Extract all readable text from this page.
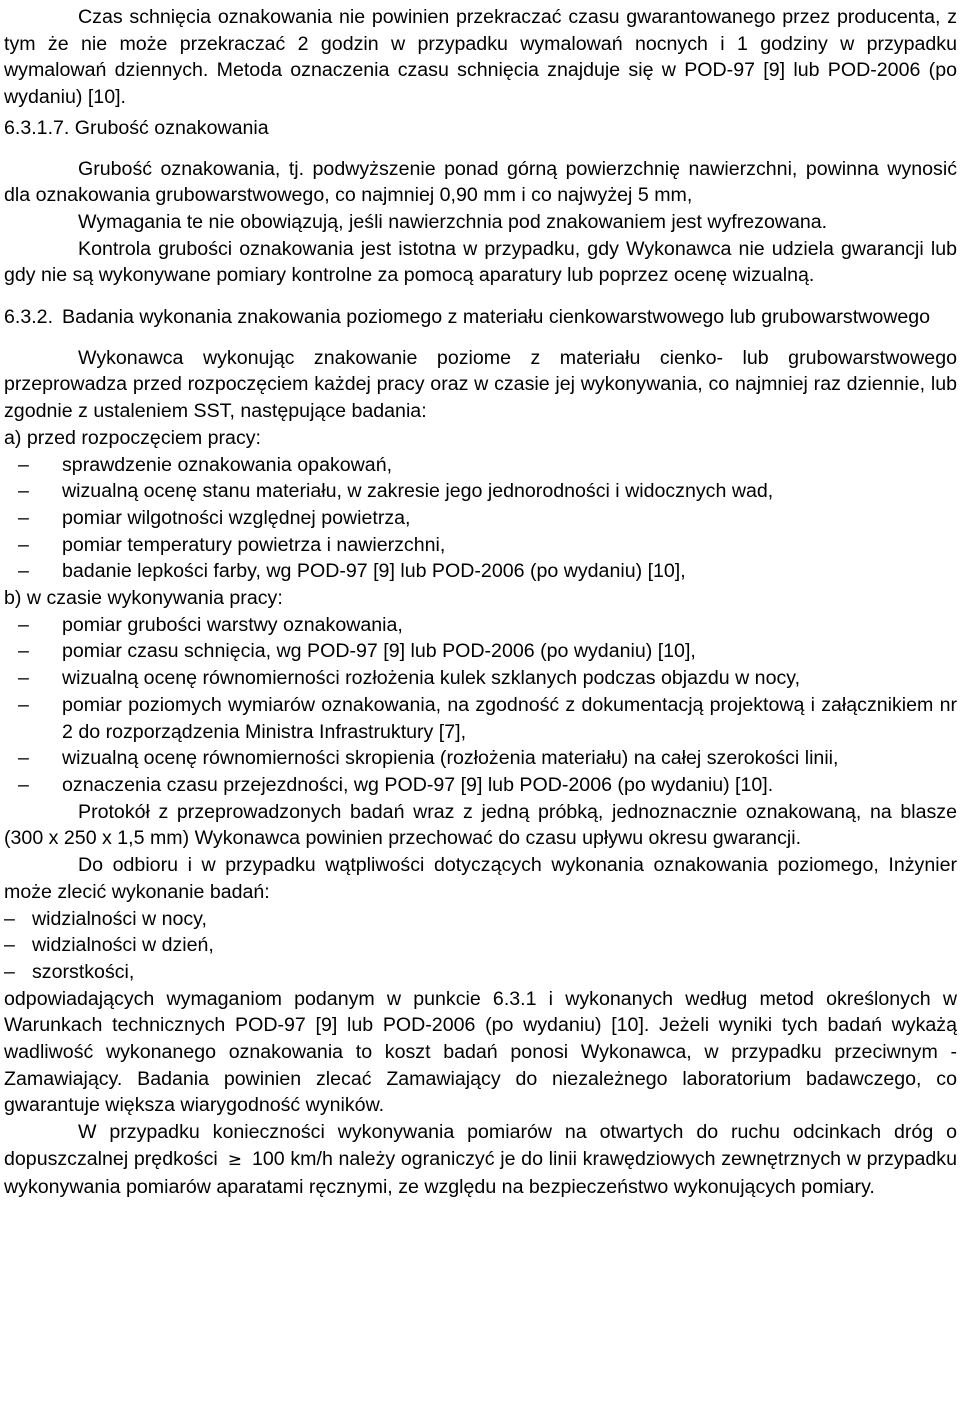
Czas schnięcia oznakowania nie powinien przekraczać czasu gwarantowanego przez producenta, z tym że nie może przekraczać 2 godzin w przypadku wymalowań nocnych i 1 godziny w przypadku wymalowań dziennych. Metoda oznaczenia czasu schnięcia znajduje się w POD-97 [9] lub POD-2006 (po wydaniu) [10].

6.3.1.7. Grubość oznakowania

Grubość oznakowania, tj. podwyższenie ponad górną powierzchnię nawierzchni, powinna wynosić dla oznakowania grubowarstwowego, co najmniej 0,90 mm i co najwyżej 5 mm,

Wymagania te nie obowiązują, jeśli nawierzchnia pod znakowaniem jest wyfrezowana.

Kontrola grubości oznakowania jest istotna w przypadku, gdy Wykonawca nie udziela gwarancji lub gdy nie są wykonywane pomiary kontrolne za pomocą aparatury lub poprzez ocenę wizualną.

6.3.2. Badania wykonania znakowania poziomego z materiału cienkowarstwowego lub grubowarstwowego

Wykonawca wykonując znakowanie poziome z materiału cienko- lub grubowarstwowego przeprowadza przed rozpoczęciem każdej pracy oraz w czasie jej wykonywania, co najmniej raz dziennie, lub zgodnie z ustaleniem SST, następujące badania:

a) przed rozpoczęciem pracy:

–	sprawdzenie oznakowania opakowań,
–	wizualną ocenę stanu materiału, w zakresie jego jednorodności i widocznych wad,
–	pomiar wilgotności względnej powietrza,
–	pomiar temperatury powietrza i nawierzchni,
–	badanie lepkości farby, wg POD-97 [9] lub POD-2006 (po wydaniu) [10],

b) w czasie wykonywania pracy:

–	pomiar grubości warstwy oznakowania,
–	pomiar czasu schnięcia, wg POD-97 [9] lub POD-2006 (po wydaniu) [10],
–	wizualną ocenę równomierności rozłożenia kulek szklanych podczas objazdu w nocy,
–	pomiar poziomych wymiarów oznakowania, na zgodność z dokumentacją projektową i załącznikiem nr 2 do rozporządzenia Ministra Infrastruktury [7],
–	wizualną ocenę równomierności skropienia (rozłożenia materiału) na całej szerokości linii,
–	oznaczenia czasu przejezdności, wg POD-97 [9] lub POD-2006 (po wydaniu) [10].

Protokół z przeprowadzonych badań wraz z jedną próbką, jednoznacznie oznakowaną, na blasze (300 x 250 x 1,5 mm) Wykonawca powinien przechować do czasu upływu okresu gwarancji.

Do odbioru i w przypadku wątpliwości dotyczących wykonania oznakowania poziomego, Inżynier może zlecić wykonanie badań:

– widzialności w nocy,
– widzialności w dzień,
– szorstkości,

odpowiadających wymaganiom podanym w punkcie 6.3.1 i wykonanych według metod określonych w Warunkach technicznych POD-97 [9] lub POD-2006 (po wydaniu) [10]. Jeżeli wyniki tych badań wykażą wadliwość wykonanego oznakowania to koszt badań ponosi Wykonawca, w przypadku przeciwnym - Zamawiający. Badania powinien zlecać Zamawiający do niezależnego laboratorium badawczego, co gwarantuje większa wiarygodność wyników.

W przypadku konieczności wykonywania pomiarów na otwartych do ruchu odcinkach dróg o dopuszczalnej prędkości ≥ 100 km/h należy ograniczyć je do linii krawędziowych zewnętrznych w przypadku wykonywania pomiarów aparatami ręcznymi, ze względu na bezpieczeństwo wykonujących pomiary.
